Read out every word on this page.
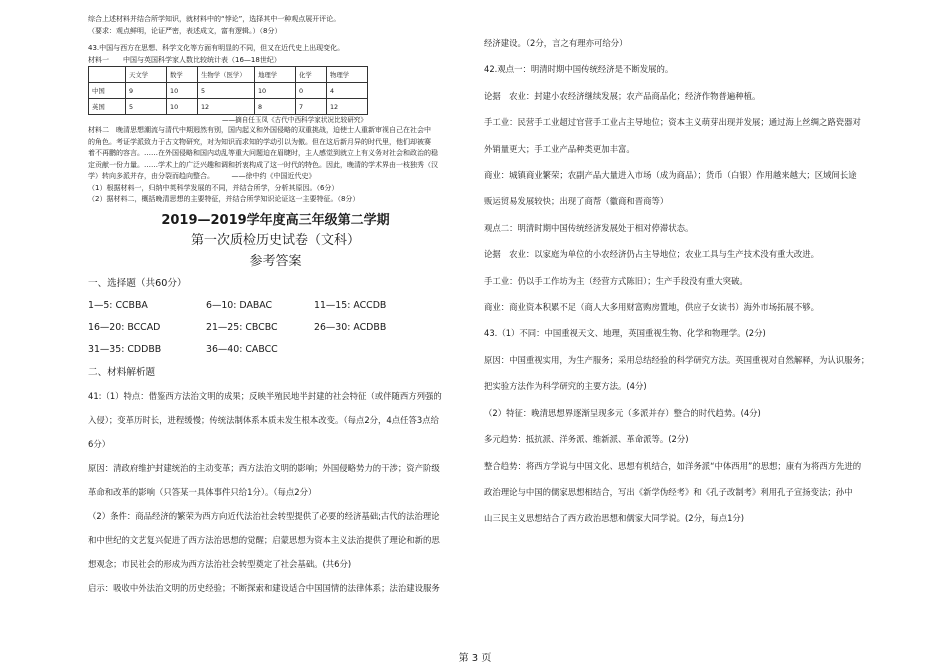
综合上述材料并结合所学知识，就材料中的“悖论”，选择其中一种观点展开评论。

（要求：观点鲜明，论证严密，表述成文，富有逻辑。）（8分）

43.中国与西方在思想、科学文化等方面有明显的不同，但又在近代史上出现变化。

材料一　　中国与英国科学家人数比较统计表（16—18世纪）

	天文学	数学	生物学（医学）	地理学	化学	物理学
中国	9	10	5	10	0	4
英国	5	10	12	8	7	12
——摘自任玉凤《古代中西科学家状况比较研究》

材料二　晚清思想潮流与清代中期迥然有别，国内起义和外国侵略的双重挑战，迫使士人重新审视自己在社会中

的角色。考证学派致力于古文物研究，对为知识而求知的学动引以为傲。但在这后新月异的时代里，他们却被赛

着不再鹏的容言。……在外国侵略和国内动乱等重大问题迫在眉睫时，主人感觉到就立上有义务对社会和政治的稳

定贡献一份力量。……学术上的广泛兴趣和调和折衷构成了这一时代的特色。因此，晚清的学术界由一枝独秀（汉

学）转向多派并存，由分裂而趋向整合。　　　——徐中约《中国近代史》

（1）根据材料一，归纳中英科学发展的不同，并结合所学，分析其原因。（6分）

（2）据材料二，概括晚清思想的主要特征，并结合所学知识论证这一主要特征。（8分）

2019—2019学年度高三年级第二学期
第一次质检历史试卷（文科）
参考答案
一、选择题（共60分）
1—5: CCBBA	6—10: DABAC	11—15: ACCDB
16—20: BCCAD	21—25: CBCBC	26—30: ACDBB
31—35: CDDBB	36—40: CABCC
二、材料解析题

41:（1）特点：借鉴西方法治文明的成果；反映半殖民地半封建的社会特征（或伴随西方列强的

入侵）；变革历时长，进程缓慢；传统法制体系本质未发生根本改变。（每点2分，4点任答3点给

6分）

原因：清政府维护封建统治的主动变革；西方法治文明的影响；外国侵略势力的干涉；资产阶级

革命和改革的影响（只答某一具体事件只给1分）。（每点2分）

（2）条件：商品经济的繁荣为西方向近代法治社会转型提供了必要的经济基础;古代的法治理论

和中世纪的文艺复兴促进了西方法治思想的觉醒；启蒙思想为资本主义法治提供了理论和新的思

想观念；市民社会的形成为西方法治社会转型奠定了社会基础。(共6分)

启示：吸收中外法治文明的历史经验；不断探索和建设适合中国国情的法律体系；法治建设服务

经济建设。（2分，言之有理亦可给分）

42.观点一：明清时期中国传统经济是不断发展的。

论据　农业：封建小农经济继续发展；农产品商品化；经济作物普遍种植。

手工业：民营手工业超过官营手工业占主导地位；资本主义萌芽出现并发展；通过海上丝绸之路瓷器对

外销量更大；手工业产品种类更加丰富。

商业：城镇商业繁荣；农副产品大量进入市场（成为商品）；货币（白银）作用越来越大；区域间长途

贩运贸易发展较快；出现了商帮（徽商和晋商等）

观点二：明清时期中国传统经济发展处于相对停滞状态。

论据　农业：以家庭为单位的小农经济仍占主导地位；农业工具与生产技术没有重大改进。

手工业：仍以手工作坊为主（经营方式陈旧）；生产手段没有重大突破。

商业：商业资本积累不足（商人大多用财富购房置地，供应子女读书）海外市场拓展不够。

43.（1）不同：中国重视天文、地理，英国重视生物、化学和物理学。(2分)

原因：中国重视实用，为生产服务；采用总结经验的科学研究方法。英国重视对自然解释，为认识服务；

把实验方法作为科学研究的主要方法。(4分)

（2）特征：晚清思想界逐渐呈现多元（多派并存）整合的时代趋势。(4分)

多元趋势：抵抗派、洋务派、维新派、革命派等。(2分)

整合趋势：将西方学说与中国文化、思想有机结合，如洋务派“中体西用”的思想；康有为将西方先进的

政治理论与中国的儒家思想相结合，写出《新学伪经考》和《孔子改制考》利用孔子宣扬变法；孙中

山三民主义思想结合了西方政治思想和儒家大同学说。(2分，每点1分)

第 3 页
